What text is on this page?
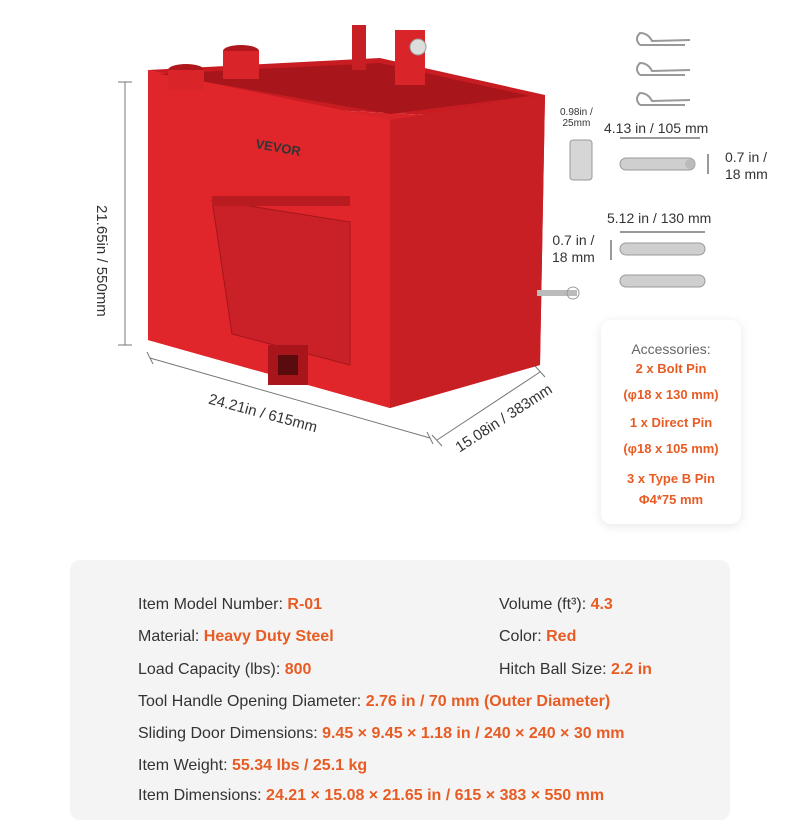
VEVOR
21.65in / 550mm
24.21in / 615mm	15.08in / 383mm
0.98in /
25mm 4.13 in / 105 mm
0.7 in /
18 mm
5.12 in / 130 mm
0.7 in /
18 mm
Accessories:
2 x Bolt Pin
(φ18 x 130 mm)
1 x Direct Pin
(φ18 x 105 mm)
3 x Type B Pin
Φ4*75 mm
Item Model Number: R-01	Volume (ft³): 4.3
Material: Heavy Duty Steel	Color: Red
Load Capacity (lbs): 800	Hitch Ball Size: 2.2 in
Tool Handle Opening Diameter: 2.76 in / 70 mm (Outer Diameter)
Sliding Door Dimensions: 9.45 × 9.45 × 1.18 in / 240 × 240 × 30 mm
Item Weight: 55.34 lbs / 25.1 kg
Item Dimensions: 24.21 × 15.08 × 21.65 in / 615 × 383 × 550 mm
